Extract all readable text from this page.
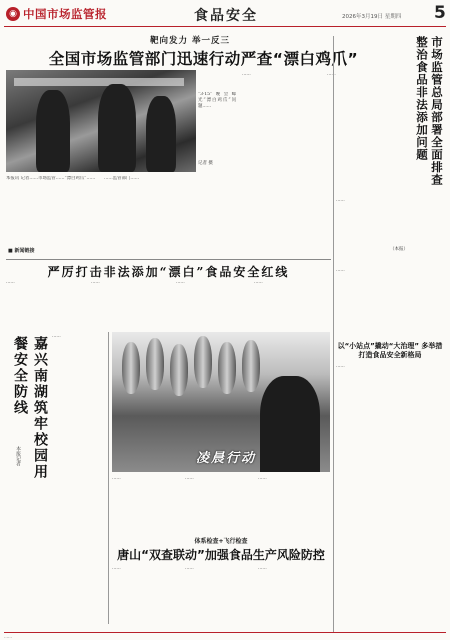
◉ 中国市场监管报	食品安全	2026年3月19日 星期四 5
靶向发力 举一反三
全国市场监管部门迅速行动严查“漂白鸡爪”
“3·15”晚会曝光“漂白鸡爪”问题……
记者 摄
本报讯 记者……市场监管……“漂白鸡爪”……	……监管部门……
……	……
（本报）
■ 新闻链接
市场监管总局部署全面排查整治食品非法添加问题
严厉打击非法添加“漂白”食品安全红线
……	……	……	……
嘉兴南湖筑牢校园用餐安全防线
本报记者
……
凌晨行动
……	……	……
体系检查+飞行检查
唐山“双查联动”加强食品生产风险防控
……	……	……
……
……
以“小站点”撬动“大治理” 多举措打造食品安全新格局
……
……
